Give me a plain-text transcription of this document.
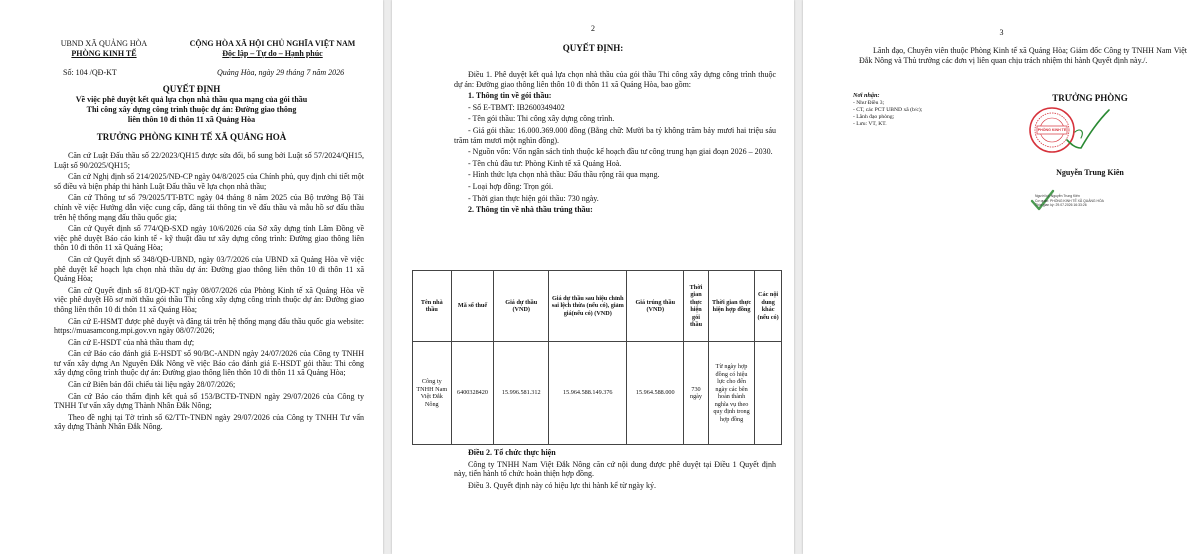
UBND XÃ QUẢNG HÒA
PHÒNG KINH TẾ
CỘNG HÒA XÃ HỘI CHỦ NGHĨA VIỆT NAM
Độc lập – Tự do – Hạnh phúc
Số: 104 /QĐ-KT	Quảng Hòa, ngày 29 tháng 7 năm 2026
QUYẾT ĐỊNH
Về việc phê duyệt kết quả lựa chọn nhà thầu qua mạng của gói thầu
Thi công xây dựng công trình thuộc dự án: Đường giao thông
liên thôn 10 đi thôn 11 xã Quảng Hòa
TRƯỞNG PHÒNG KINH TẾ XÃ QUẢNG HOÀ

Căn cứ Luật Đấu thầu số 22/2023/QH15 được sửa đổi, bổ sung bởi Luật số 57/2024/QH15, Luật số 90/2025/QH15;

Căn cứ Nghị định số 214/2025/NĐ-CP ngày 04/8/2025 của Chính phủ, quy định chi tiết một số điều và biện pháp thi hành Luật Đấu thầu về lựa chọn nhà thầu;

Căn cứ Thông tư số 79/2025/TT-BTC ngày 04 tháng 8 năm 2025 của Bộ trưởng Bộ Tài chính về việc Hướng dẫn việc cung cấp, đăng tải thông tin về đấu thầu và mẫu hồ sơ đấu thầu trên hệ thống mạng đấu thầu quốc gia;

Căn cứ Quyết định số 774/QĐ-SXD ngày 10/6/2026 của Sở xây dựng tỉnh Lâm Đồng về việc phê duyệt Báo cáo kinh tế - kỹ thuật đầu tư xây dựng công trình: Đường giao thông liên thôn 10 đi thôn 11 xã Quảng Hòa;

Căn cứ Quyết định số 348/QĐ-UBND, ngày 03/7/2026 của UBND xã Quảng Hòa về việc phê duyệt kế hoạch lựa chọn nhà thầu dự án: Đường giao thông liên thôn 10 đi thôn 11 xã Quảng Hòa;

Căn cứ Quyết định số 81/QĐ-KT ngày 08/07/2026 của Phòng Kinh tế xã Quảng Hòa về việc phê duyệt Hồ sơ mời thầu gói thầu Thi công xây dựng công trình thuộc dự án: Đường giao thông liên thôn 10 đi thôn 11 xã Quảng Hòa;

Căn cứ E-HSMT được phê duyệt và đăng tải trên hệ thống mạng đấu thầu quốc gia website: https://muasamcong.mpi.gov.vn ngày 08/07/2026;

Căn cứ E-HSDT của nhà thầu tham dự;

Căn cứ Báo cáo đánh giá E-HSDT số 90/BC-ANDN ngày 24/07/2026 của Công ty TNHH tư vấn xây dựng An Nguyên Đắk Nông về việc Báo cáo đánh giá E-HSDT gói thầu: Thi công xây dựng công trình thuộc dự án: Đường giao thông liên thôn 10 đi thôn 11 xã Quảng Hòa;

Căn cứ Biên bản đối chiếu tài liệu ngày 28/07/2026;

Căn cứ Báo cáo thẩm định kết quả số 153/BCTĐ-TNĐN ngày 29/07/2026 của Công ty TNHH Tư vấn xây dựng Thành Nhân Đắk Nông;

Theo đề nghị tại Tờ trình số 62/TTr-TNĐN ngày 29/07/2026 của Công ty TNHH Tư vấn xây dựng Thành Nhân Đắk Nông.

2
QUYẾT ĐỊNH:

Điều 1. Phê duyệt kết quả lựa chọn nhà thầu của gói thầu Thi công xây dựng công trình thuộc dự án: Đường giao thông liên thôn 10 đi thôn 11 xã Quảng Hòa, bao gồm:

1. Thông tin về gói thầu:

- Số E-TBMT: IB2600349402

- Tên gói thầu: Thi công xây dựng công trình.

- Giá gói thầu: 16.000.369.000 đồng (Bằng chữ: Mười ba tỷ không trăm bảy mươi hai triệu sáu trăm tám mươi một nghìn đồng).

- Nguồn vốn: Vốn ngân sách tỉnh thuộc kế hoạch đầu tư công trung hạn giai đoạn 2026 – 2030.

- Tên chủ đầu tư: Phòng Kinh tế xã Quảng Hoà.

- Hình thức lựa chọn nhà thầu: Đấu thầu rộng rãi qua mạng.

- Loại hợp đồng: Trọn gói.

- Thời gian thực hiện gói thầu: 730 ngày.

2. Thông tin về nhà thầu trúng thầu:

Tên nhà thầu	Mã số thuế	Giá dự thầu (VND)	Giá dự thầu sau hiệu chỉnh sai lệch thừa (nếu có), giảm giá(nếu có) (VND)	Giá trúng thầu (VND)	Thời gian thực hiện gói thầu	Thời gian thực hiện hợp đồng	Các nội dung khác (nếu có)
Công ty TNHH Nam Việt Đắk Nông	6400328420	15.996.581.312	15.964.588.149.376	15.964.588.000	730 ngày	Từ ngày hợp đồng có hiệu lực cho đến ngày các bên hoàn thành nghĩa vụ theo quy định trong hợp đồng	

Điều 2. Tổ chức thực hiện

Công ty TNHH Nam Việt Đắk Nông căn cứ nội dung được phê duyệt tại Điều 1 Quyết định này, tiến hành tổ chức hoàn thiện hợp đồng.

Điều 3. Quyết định này có hiệu lực thi hành kể từ ngày ký.

3

Lãnh đạo, Chuyên viên thuộc Phòng Kinh tế xã Quảng Hòa; Giám đốc Công ty TNHH Nam Việt Đắk Nông và Thủ trưởng các đơn vị liên quan chịu trách nhiệm thi hành Quyết định này./.

Nơi nhận:
- Như Điều 3;
- CT, các PCT UBND xã (b/c);
- Lãnh đạo phòng;
- Lưu: VT, KT.
TRƯỞNG PHÒNG
PHÒNG KINH TẾ
Nguyễn Trung Kiên
Người ký: Nguyễn Trung Kiên
Cơ quan: PHÒNG KINH TẾ XÃ QUẢNG HÒA
Thời gian ký: 29.07.2026 16:33:26
